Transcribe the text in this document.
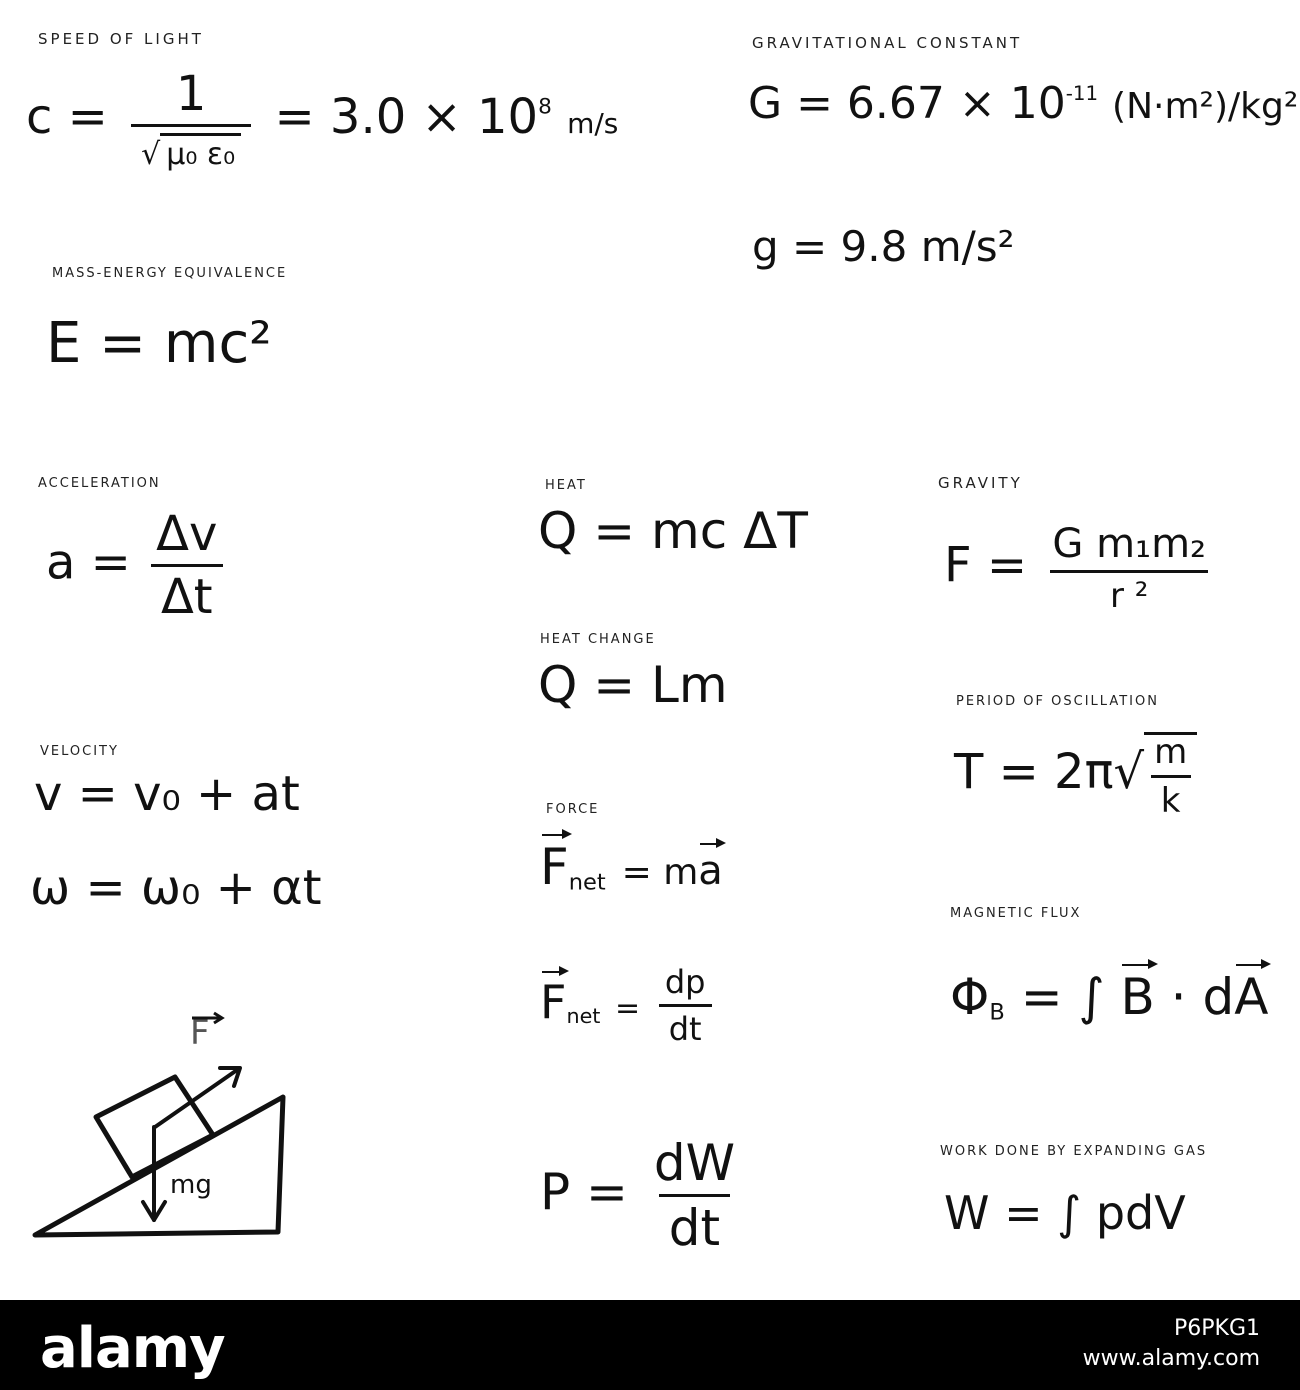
SPEED OF LIGHT
$c = \frac{1}{\text{√ μ₀ ε₀}} = 3.0 \times 10^8$ m/s
GRAVITATIONAL CONSTANT
$G = 6.67 \times 10^{-11}$ (N·m²)/kg²
g = 9.8 m/s²
MASS-ENERGY EQUIVALENCE
E = mc²
ACCELERATION
$a = \frac{\Delta v}{\Delta t}$
HEAT
Q = mc ΔT
GRAVITY
$F = \frac{\text{G m₁m₂}}{\text{r ²}}$
HEAT CHANGE
Q = Lm	PERIOD OF OSCILLATION
$T = 2\pi√ \frac{m}{k}$
VELOCITY
v = v₀ + at
ω = ω₀ + αt
FORCE
$F_{net}$ = ma
$F_{net} = \frac{dp}{dt}$
MAGNETIC FLUX
$\Phi_B$ = ∫ B · dA
$P = \frac{dW}{dt}$	WORK DONE BY EXPANDING GAS
W = ∫ pdV
F
mg
alamy	P6PKG1
www.alamy.com
